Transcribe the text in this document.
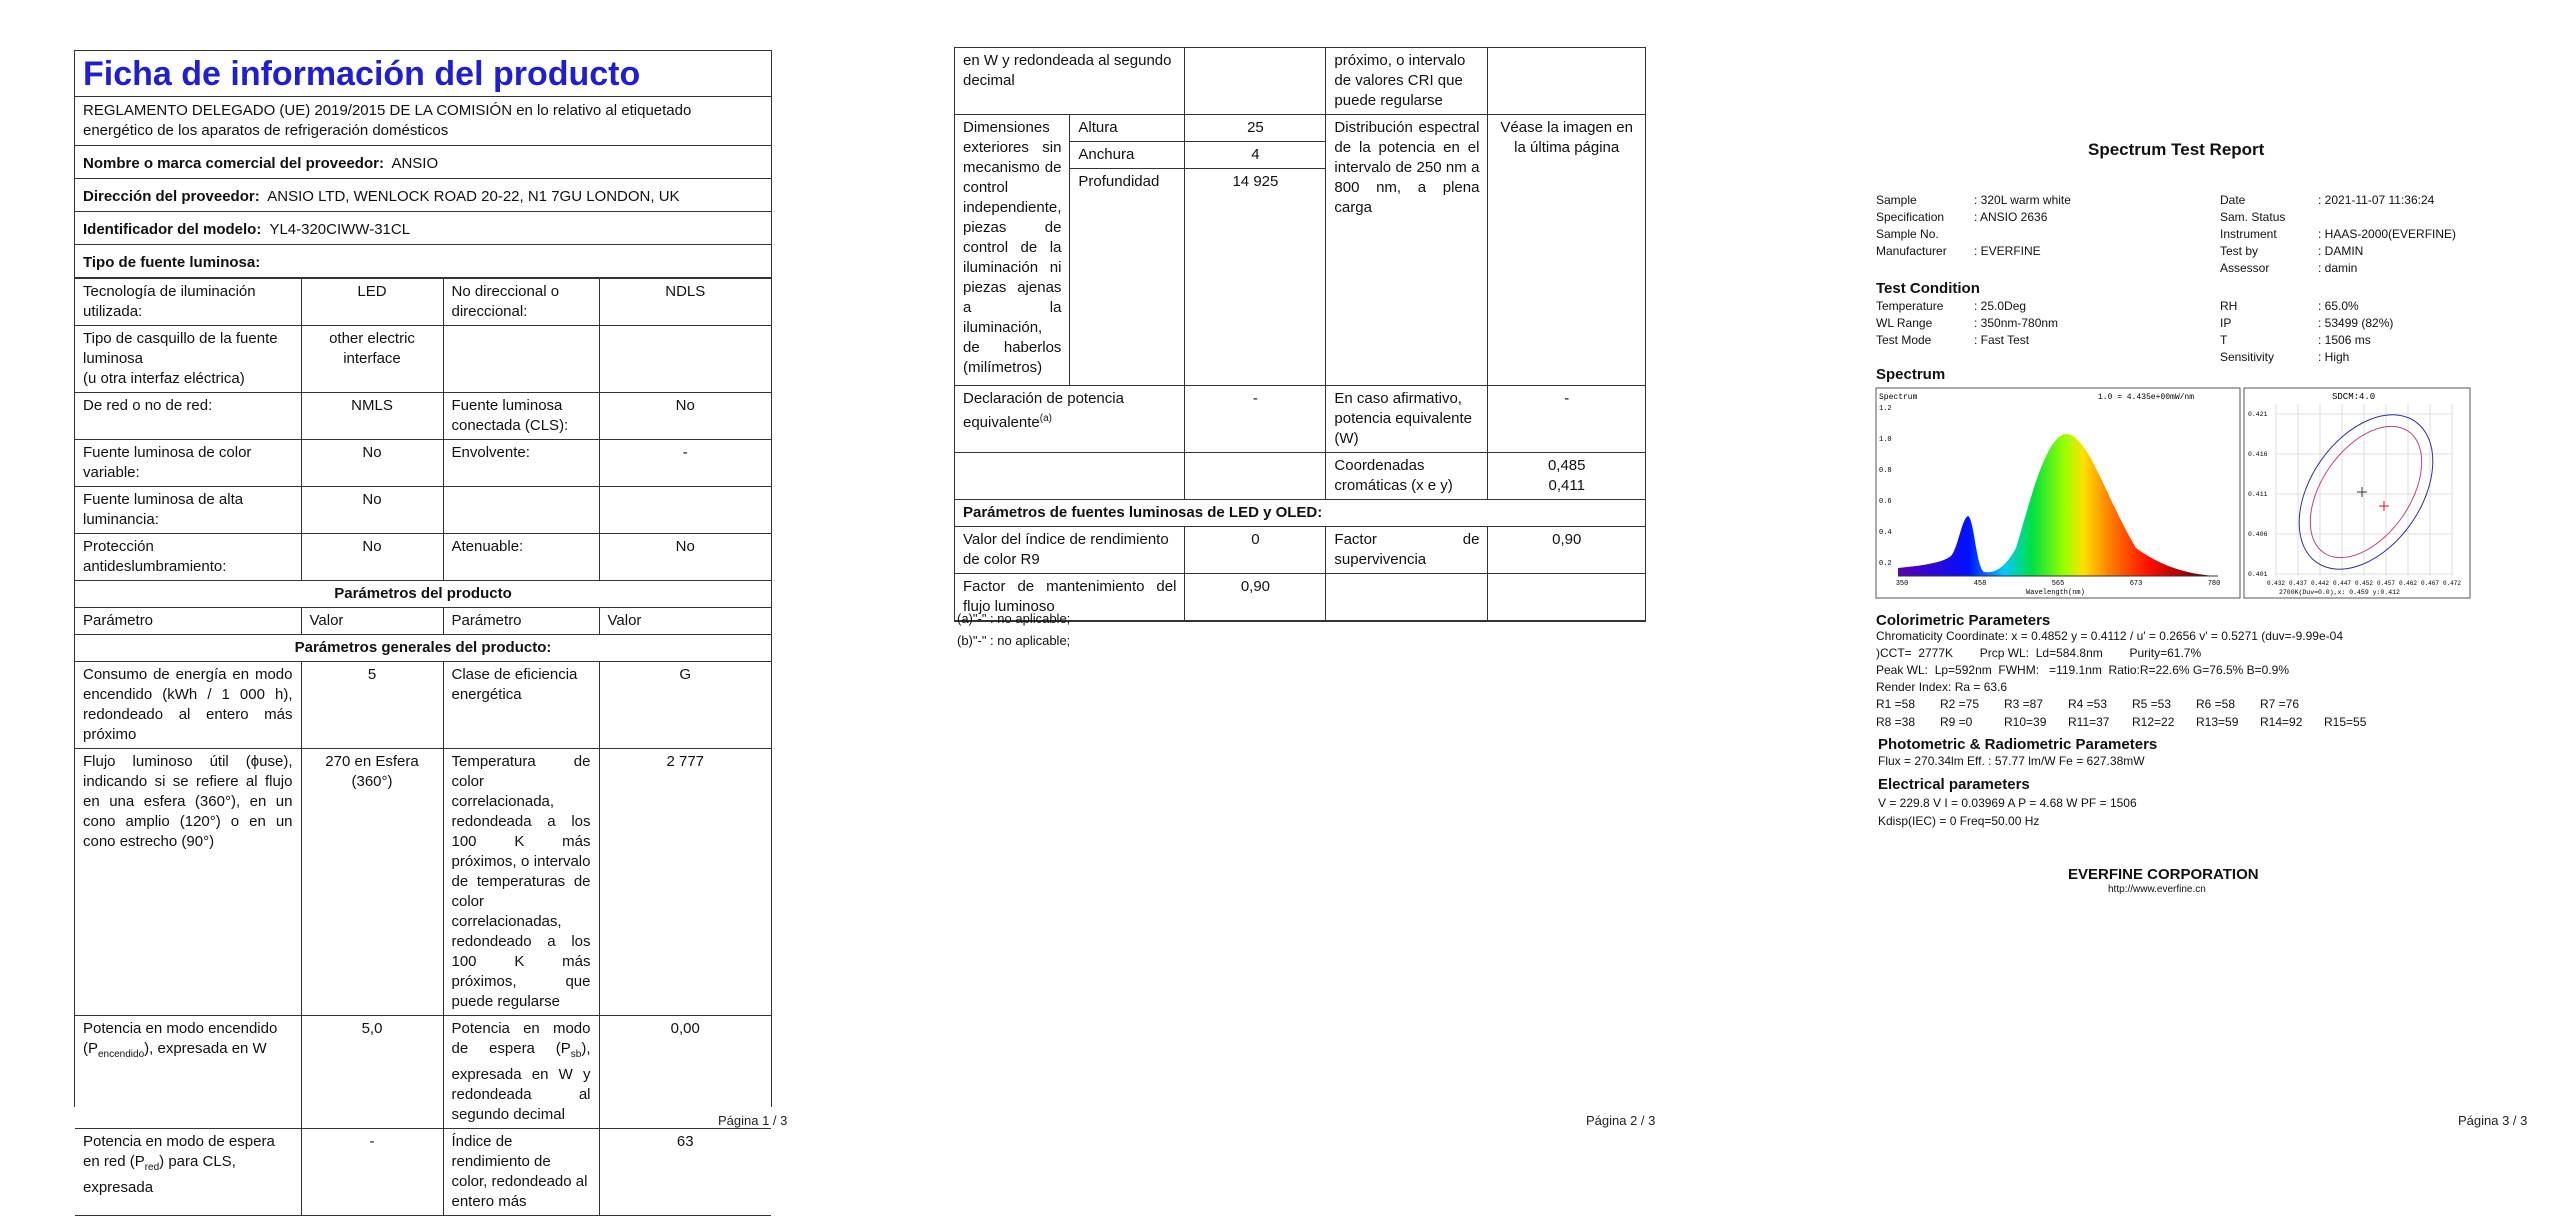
Ficha de información del producto
REGLAMENTO DELEGADO (UE) 2019/2015 DE LA COMISIÓN en lo relativo al etiquetado energético de los aparatos de refrigeración domésticos
Nombre o marca comercial del proveedor: ANSIO
Dirección del proveedor: ANSIO LTD, WENLOCK ROAD 20-22, N1 7GU LONDON, UK
Identificador del modelo: YL4-320CIWW-31CL
Tipo de fuente luminosa:
Tecnología de iluminación utilizada:	LED	No direccional o direccional:	NDLS

Tipo de casquillo de la fuente luminosa
(u otra interfaz eléctrica)	other electric interface		
De red o no de red:	NMLS	Fuente luminosa conectada (CLS):	No
Fuente luminosa de color variable:	No	Envolvente:	-
Fuente luminosa de alta luminancia:	No		
Protección antideslumbramiento:	No	Atenuable:	No
Parámetros del producto			
Parámetro	Valor	Parámetro	Valor
Parámetros generales del producto:			
Consumo de energía en modo encendido (kWh / 1 000 h), redondeado al entero más próximo	5	Clase de eficiencia energética	G
Flujo luminoso útil (ϕuse), indicando si se refiere al flujo en una esfera (360°), en un cono amplio (120°) o en un cono estrecho (90°)	270 en Esfera (360°)	Temperatura de color correlacionada, redondeada a los 100 K más próximos, o intervalo de temperaturas de color correlacionadas, redondeado a los 100 K más próximos, que puede regularse	2 777
Potencia en modo encendido $(P_{encendido})$, expresada en W	5,0	Potencia en modo de espera $(P_{sb})$, expresada en W y redondeada al segundo decimal	0,00
Potencia en modo de espera en red $(P_{red})$ para CLS, expresada	-	Índice de rendimiento de color, redondeado al entero más	63
Página 1 / 3
en W y redondeada al segundo decimal			próximo, o intervalo de valores CRI que puede regularse	
Dimensiones exteriores sin mecanismo de control independiente, piezas de control de la iluminación ni piezas ajenas a la iluminación, de haberlos (milímetros)	Altura	25	Distribución espectral de la potencia en el intervalo de 250 nm a 800 nm, a plena carga	Véase la imagen en la última página
	Anchura	4		
	Profundidad	14 925		
Declaración de potencia equivalente$^{(a)}$		-	En caso afirmativo, potencia equivalente (W)	-
			Coordenadas cromáticas (x e y)	0,485
0,411

Parámetros de fuentes luminosas de LED y OLED:				
Valor del índice de rendimiento de color R9		0	Factor de supervivencia	0,90
Factor de mantenimiento del flujo luminoso		0,90		
(a)"-" : no aplicable;
(b)"-" : no aplicable;
Página 2 / 3
Spectrum Test Report
Sample	: 320L warm white
Specification	: ANSIO 2636
Sample No.
Manufacturer	: EVERFINE
Date	: 2021-11-07 11:36:24
Sam. Status
Instrument	: HAAS-2000(EVERFINE)
Test by	: DAMIN
Assessor	: damin
Test Condition
Temperature	: 25.0Deg
WL Range	: 350nm-780nm
Test Mode	: Fast Test
RH	: 65.0%
IP	: 53499 (82%)
T	: 1506 ms
Sensitivity	: High
Spectrum
Spectrum	1.0 = 4.435e+00mW/nm
1.2
1.0
0.8
0.6
0.4
0.2
350	458	565	673	780
Wavelength(nm)
SDCM:4.0
0.421
0.416
0.411
0.406
0.401
0.432 0.437 0.442 0.447 0.452 0.457 0.462 0.467 0.472
2700K(Duv=0.0),x: 0.459 y:0.412
Colorimetric Parameters
Chromaticity Coordinate: x = 0.4852 y = 0.4112 / u' = 0.2656 v' = 0.5271 (duv=-9.99e-04
)CCT=  2777K        Prcp WL:  Ld=584.8nm        Purity=61.7%
Peak WL:  Lp=592nm  FWHM:   =119.1nm  Ratio:R=22.6% G=76.5% B=0.9%
Render Index: Ra = 63.6
R1 =58	R2 =75	R3 =87	R4 =53	R5 =53	R6 =58	R7 =76
R8 =38	R9 =0	R10=39	R11=37	R12=22	R13=59	R14=92	R15=55
Photometric & Radiometric Parameters
Flux = 270.34lm Eff. : 57.77 lm/W Fe = 627.38mW
Electrical parameters
V = 229.8 V I = 0.03969 A P = 4.68 W PF = 1506
Kdisp(IEC) = 0 Freq=50.00 Hz
EVERFINE CORPORATION
http://www.everfine.cn
Página 3 / 3
